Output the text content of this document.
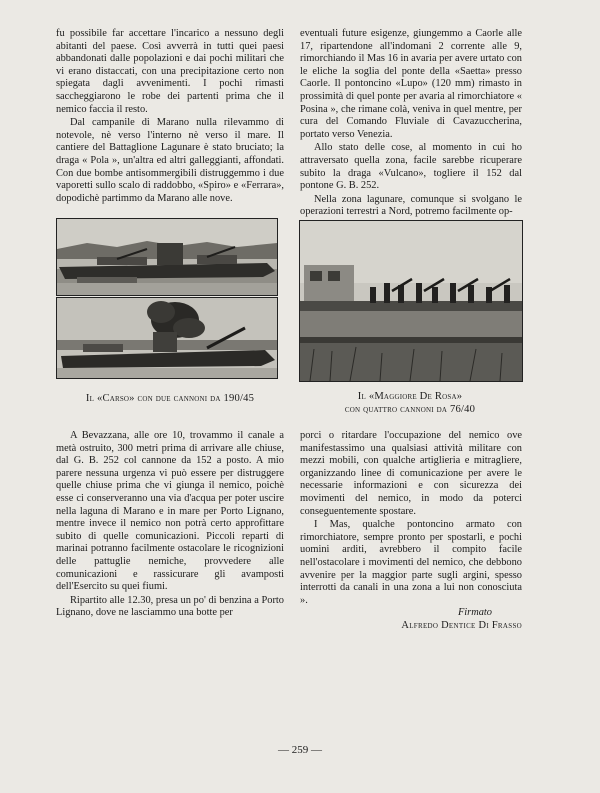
fu possibile far accettare l'incarico a nessuno degli abitanti del paese. Così avverrà in tutti quei paesi abbandonati dalle popolazioni e dai pochi militari che vi erano distaccati, con una precipitazione certo non spiegata dagli avvenimenti. I pochi rimasti saccheggiarono le robe dei partenti prima che il nemico faccia il resto.

Dal campanile di Marano nulla rilevammo di notevole, nè verso l'interno nè verso il mare. Il cantiere del Battaglione Lagunare è stato bruciato; la draga « Pola », un'altra ed altri galleggianti, affondati. Con due bombe antisommergibili distruggemmo i due vaporetti sullo scalo di raddobbo, «Spiro» e «Ferrara», dopodichè partimmo da Marano alle nove.

eventuali future esigenze, giungemmo a Caorle alle 17, ripartendone all'indomani 2 corrente alle 9, rimorchiando il Mas 16 in avaria per avere urtato con le eliche la soglia del ponte della «Saetta» presso Caorle. Il pontoncino «Lupo» (120 mm) rimasto in prossimità di quel ponte per avaria al rimorchiatore « Posina », che rimane colà, veniva in quel mentre, per cura del Comando Fluviale di Cavazuccherina, portato verso Venezia.

Allo stato delle cose, al momento in cui ho attraversato quella zona, facile sarebbe ricuperare subito la draga «Vulcano», togliere il 152 dal pontone G. B. 252.

Nella zona lagunare, comunque si svolgano le operazioni terrestri a Nord, potremo facilmente op-

Il «Carso» con due cannoni da 190/45	Il «Maggiore De Rosa»
con quattro cannoni da 76/40

A Bevazzana, alle ore 10, trovammo il canale a metà ostruito, 300 metri prima di arrivare alle chiuse, dal G. B. 252 col cannone da 152 a posto. A mio parere nessuna urgenza vi può essere per distruggere quelle chiuse prima che vi giunga il nemico, poichè esse ci conserveranno una via d'acqua per poter uscire nella laguna di Marano e in mare per Porto Lignano, mentre invece il nemico non potrà certo approfittare subito di quelle comunicazioni. Piccoli reparti di marinai potranno facilmente ostacolare le ricognizioni delle pattuglie nemiche, provvedere alle comunicazioni e rassicurare gli avamposti dell'Esercito su quei fiumi.

Ripartito alle 12.30, presa un po' di benzina a Porto Lignano, dove ne lasciammo una botte per

porci o ritardare l'occupazione del nemico ove manifestassimo una qualsiasi attività militare con mezzi mobili, con qualche artiglieria e mitragliere, organizzando linee di comunicazione per avere le necessarie informazioni e con sicurezza dei movimenti del nemico, in modo da poterci conseguentemente spostare.

I Mas, qualche pontoncino armato con rimorchiatore, sempre pronto per spostarli, e pochi uomini arditi, avrebbero il compito facile nell'ostacolare i movimenti del nemico, che debbono avvenire per la maggior parte sugli argini, spesso interrotti da canali in una zona a lui non conosciuta ».

Firmato
Alfredo Dentice Di Frasso
— 259 —
